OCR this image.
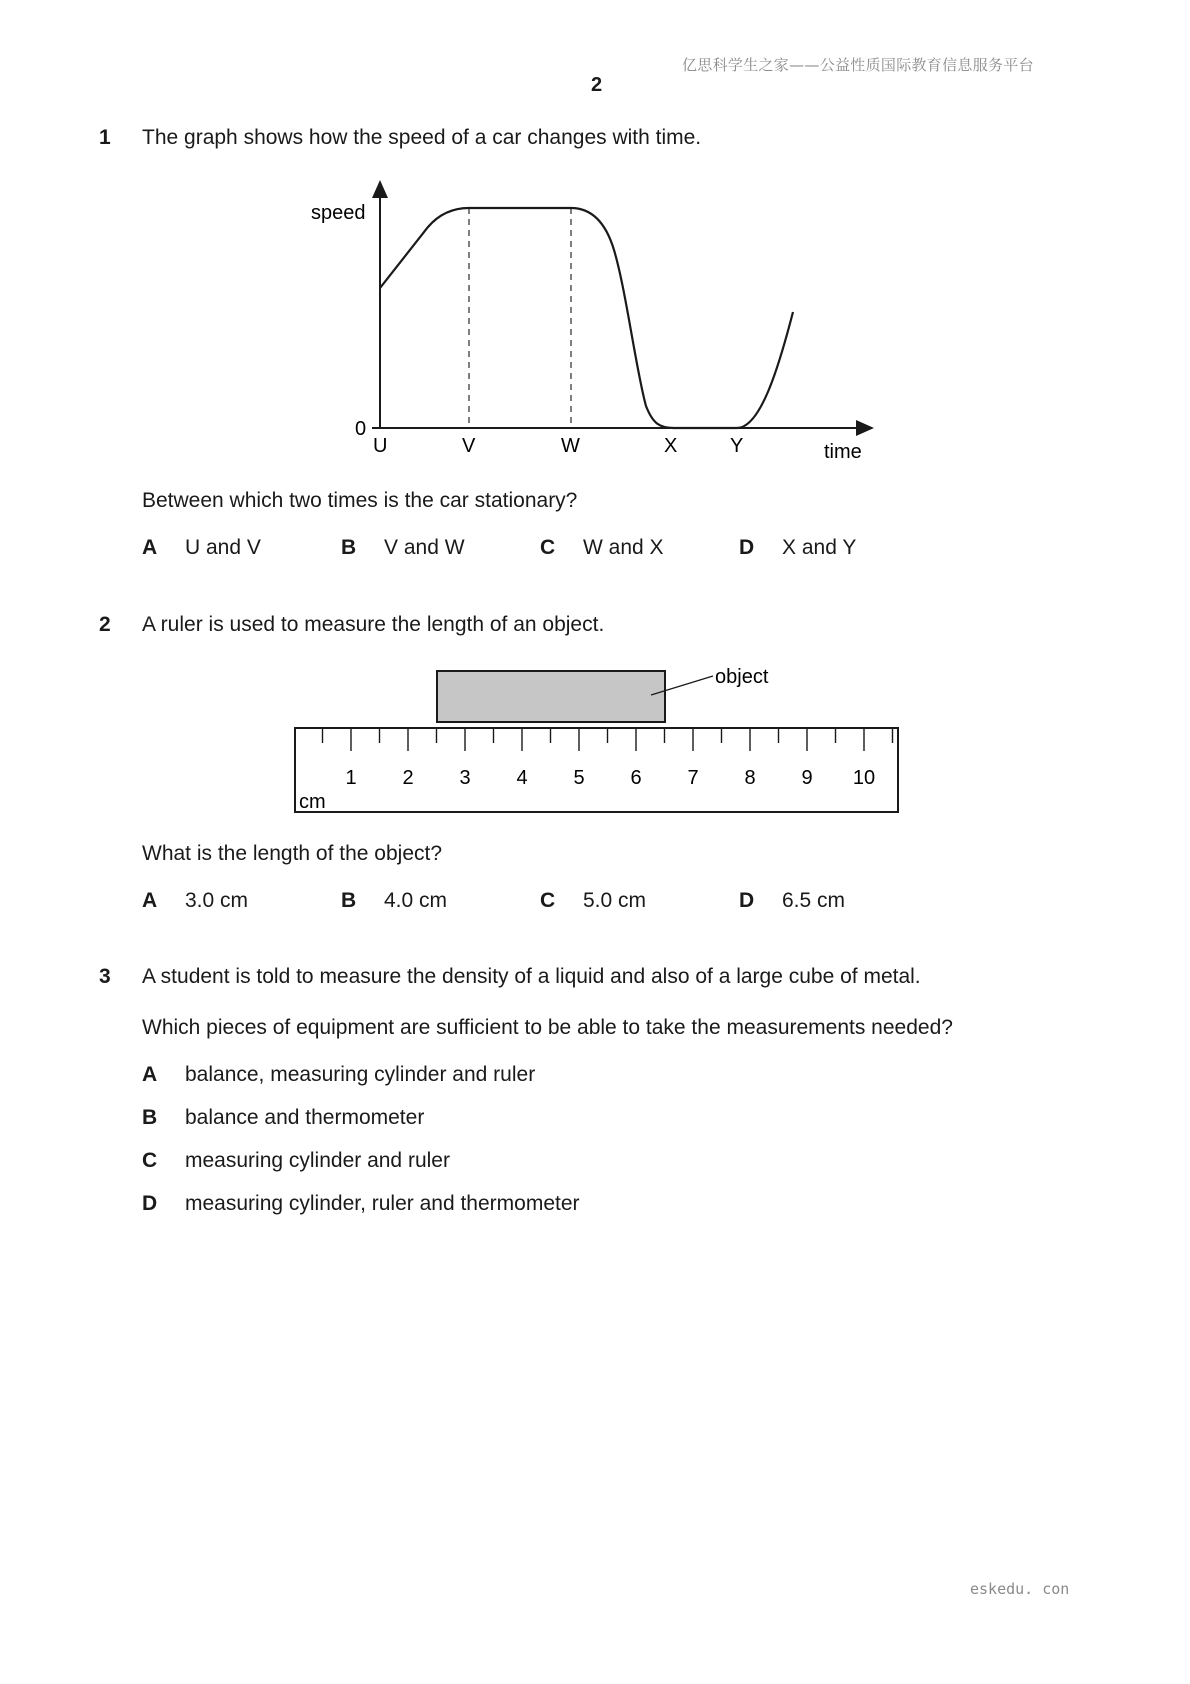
亿思科学生之家——公益性质国际教育信息服务平台
2
1 The graph shows how the speed of a car changes with time.
speed
0
time
U	V	W	X	Y
Between which two times is the car stationary?
A U and V	B V and W	C W and X	D X and Y
2 A ruler is used to measure the length of an object.
object
1 2 3 4 5 6 7 8 9 10
cm
What is the length of the object?
A 3.0 cm	B 4.0 cm	C 5.0 cm	D 6.5 cm
3 A student is told to measure the density of a liquid and also of a large cube of metal.
Which pieces of equipment are sufficient to be able to take the measurements needed?
A balance, measuring cylinder and ruler
B balance and thermometer
C measuring cylinder and ruler
D measuring cylinder, ruler and thermometer
eskedu. con
